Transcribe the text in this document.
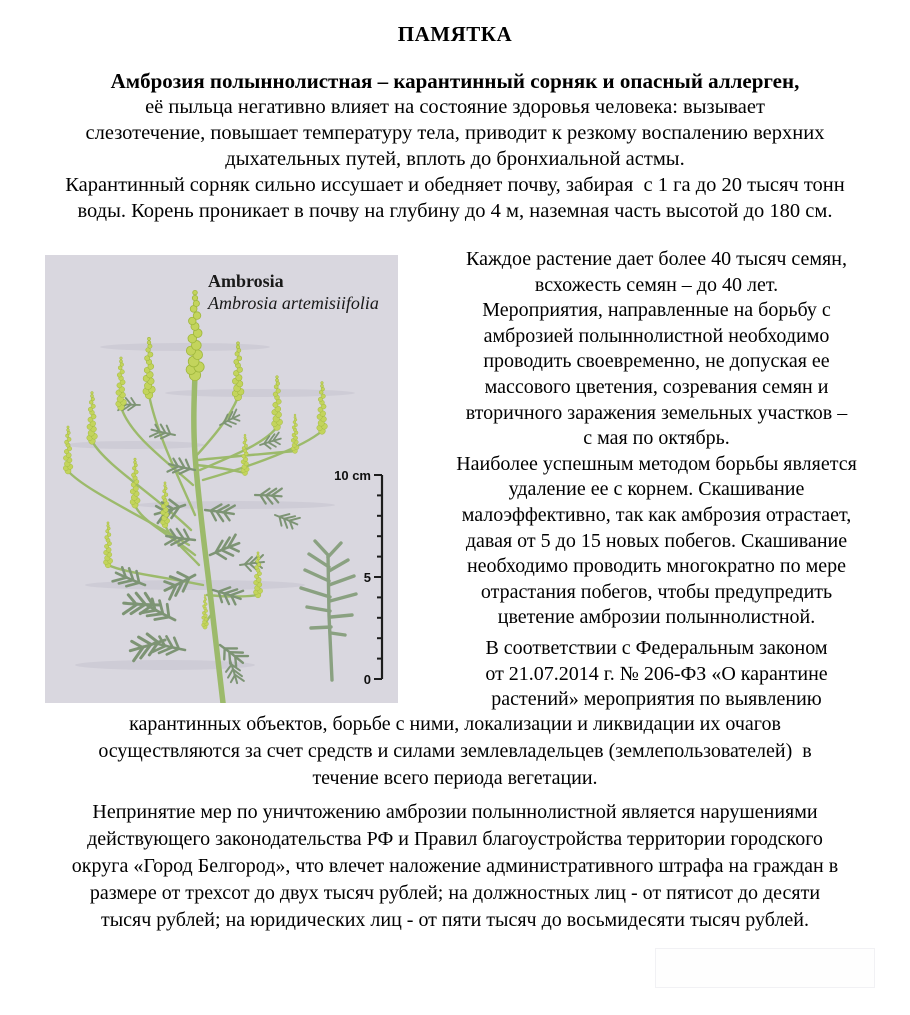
ПАМЯТКА
Амброзия полыннолистная – карантинный сорняк и опасный аллерген,
её пыльца негативно влияет на состояние здоровья человека: вызывает
слезотечение, повышает температуру тела, приводит к резкому воспалению верхних
дыхательных путей, вплоть до бронхиальной астмы.
Карантинный сорняк сильно иссушает и обедняет почву, забирая  с 1 га до 20 тысяч тонн
воды. Корень проникает в почву на глубину до 4 м, наземная часть высотой до 180 см.
Ambrosia
Ambrosia artemisiifolia
10 cm
5
0
Каждое растение дает более 40 тысяч семян,
всхожесть семян – до 40 лет.
Мероприятия, направленные на борьбу с
амброзией полыннолистной необходимо
проводить своевременно, не допуская ее
массового цветения, созревания семян и
вторичного заражения земельных участков –
с мая по октябрь.
Наиболее успешным методом борьбы является
удаление ее с корнем. Скашивание
малоэффективно, так как амброзия отрастает,
давая от 5 до 15 новых побегов. Скашивание
необходимо проводить многократно по мере
отрастания побегов, чтобы предупредить
цветение амброзии полыннолистной.
В соответствии с Федеральным законом
от 21.07.2014 г. № 206-ФЗ «О карантине
растений» мероприятия по выявлению
карантинных объектов, борьбе с ними, локализации и ликвидации их очагов
осуществляются за счет средств и силами землевладельцев (землепользователей)  в
течение всего периода вегетации.
Непринятие мер по уничтожению амброзии полыннолистной является нарушениями
действующего законодательства РФ и Правил благоустройства территории городского
округа «Город Белгород», что влечет наложение административного штрафа на граждан в
размере от трехсот до двух тысяч рублей; на должностных лиц - от пятисот до десяти
тысяч рублей; на юридических лиц - от пяти тысяч до восьмидесяти тысяч рублей.
